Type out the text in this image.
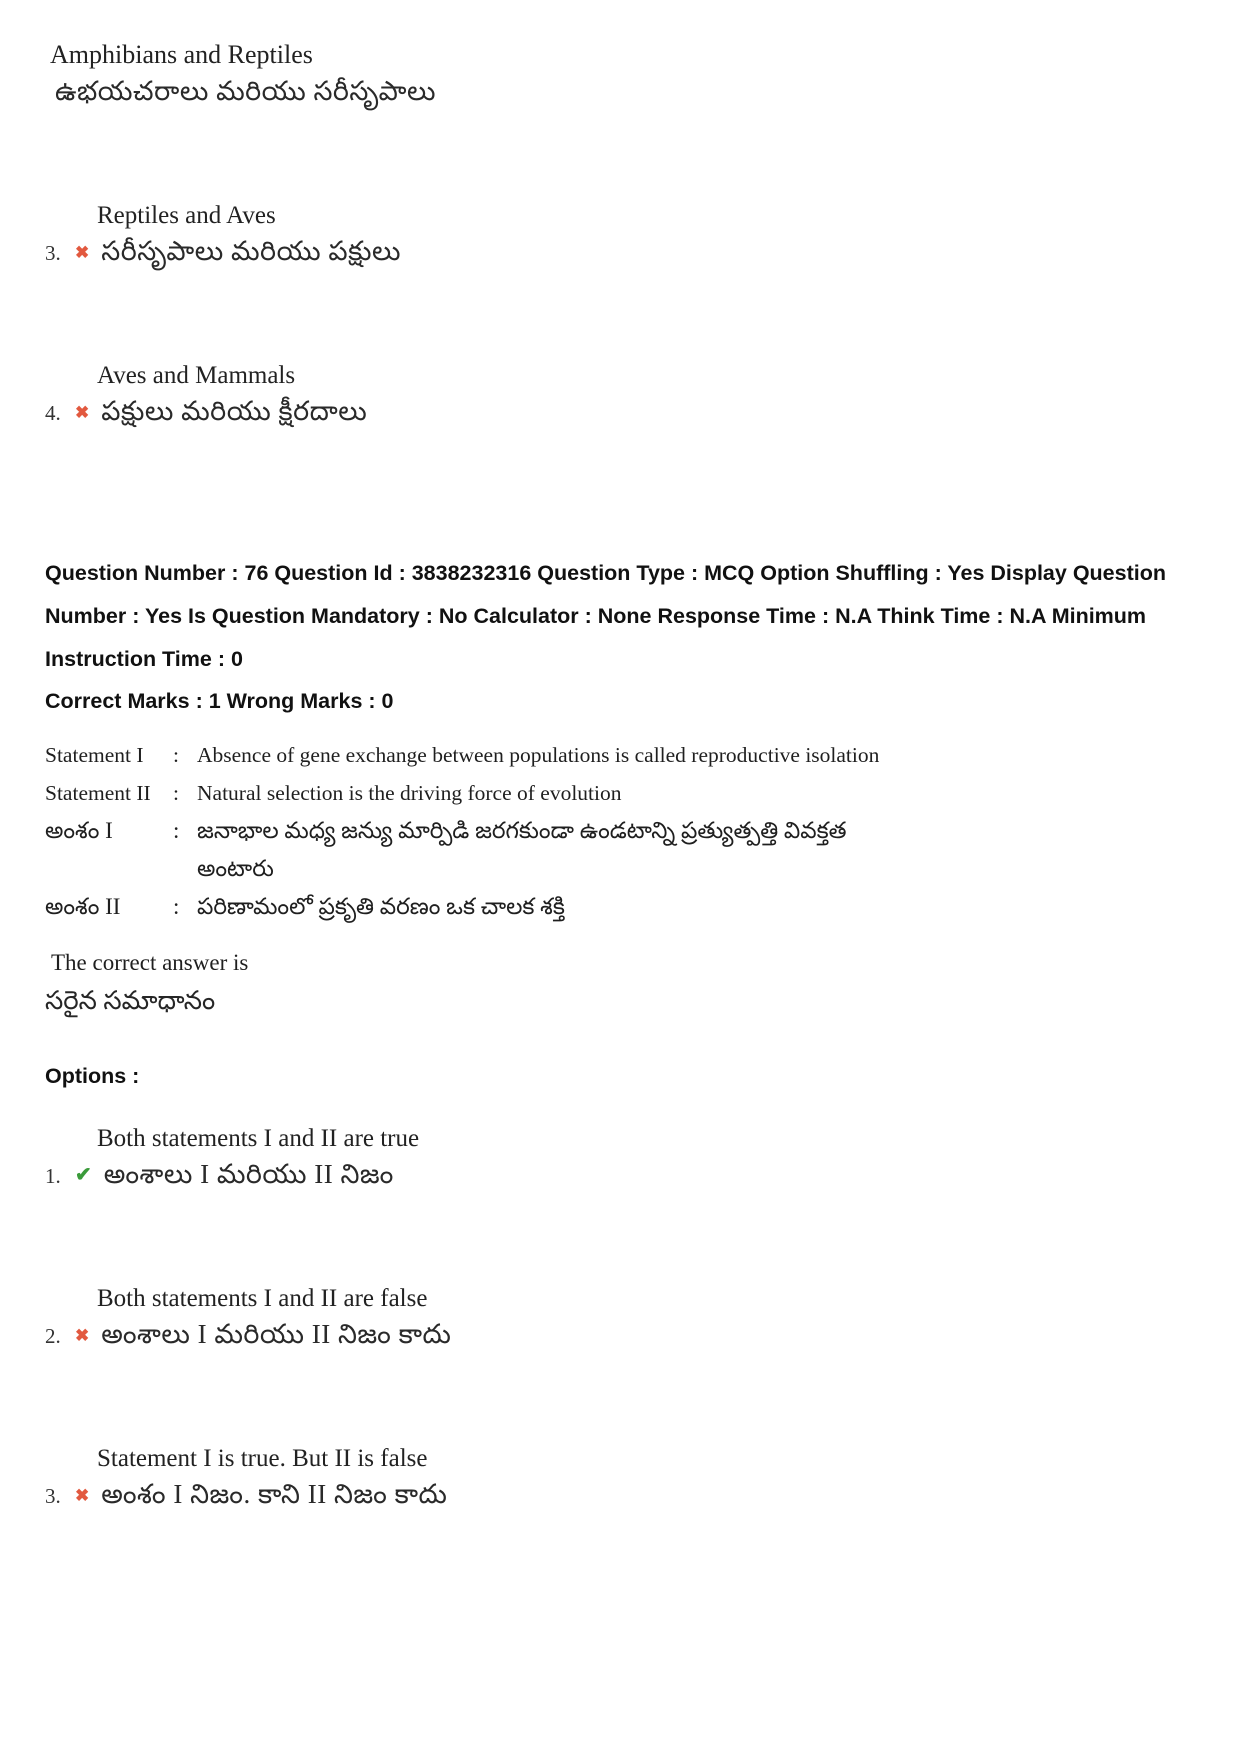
Amphibians and Reptiles
ఉభయచరాలు మరియు సరీసృపాలు
Reptiles and Aves
3. ✖ సరీసృపాలు మరియు పక్షులు
Aves and Mammals
4. ✖ పక్షులు మరియు క్షీరదాలు

Question Number : 76 Question Id : 3838232316 Question Type : MCQ Option Shuffling : Yes Display Question Number : Yes Is Question Mandatory : No Calculator : None Response Time : N.A Think Time : N.A Minimum Instruction Time : 0

Correct Marks : 1 Wrong Marks : 0

Statement I	: Absence of gene exchange between populations is called reproductive isolation
Statement II	: Natural selection is the driving force of evolution
అంశం I	: జనాభాల మధ్య జన్యు మార్పిడి జరగకుండా ఉండటాన్ని ప్రత్యుత్పత్తి వివక్తత అంటారు
అంశం II	: పరిణామంలో ప్రకృతి వరణం ఒక చాలక శక్తి
The correct answer is
సరైన సమాధానం
Options :
Both statements I and II are true
1. ✔ అంశాలు I మరియు II నిజం
Both statements I and II are false
2. ✖ అంశాలు I మరియు II నిజం కాదు
Statement I is true. But II is false
3. ✖ అంశం I నిజం. కాని II నిజం కాదు
